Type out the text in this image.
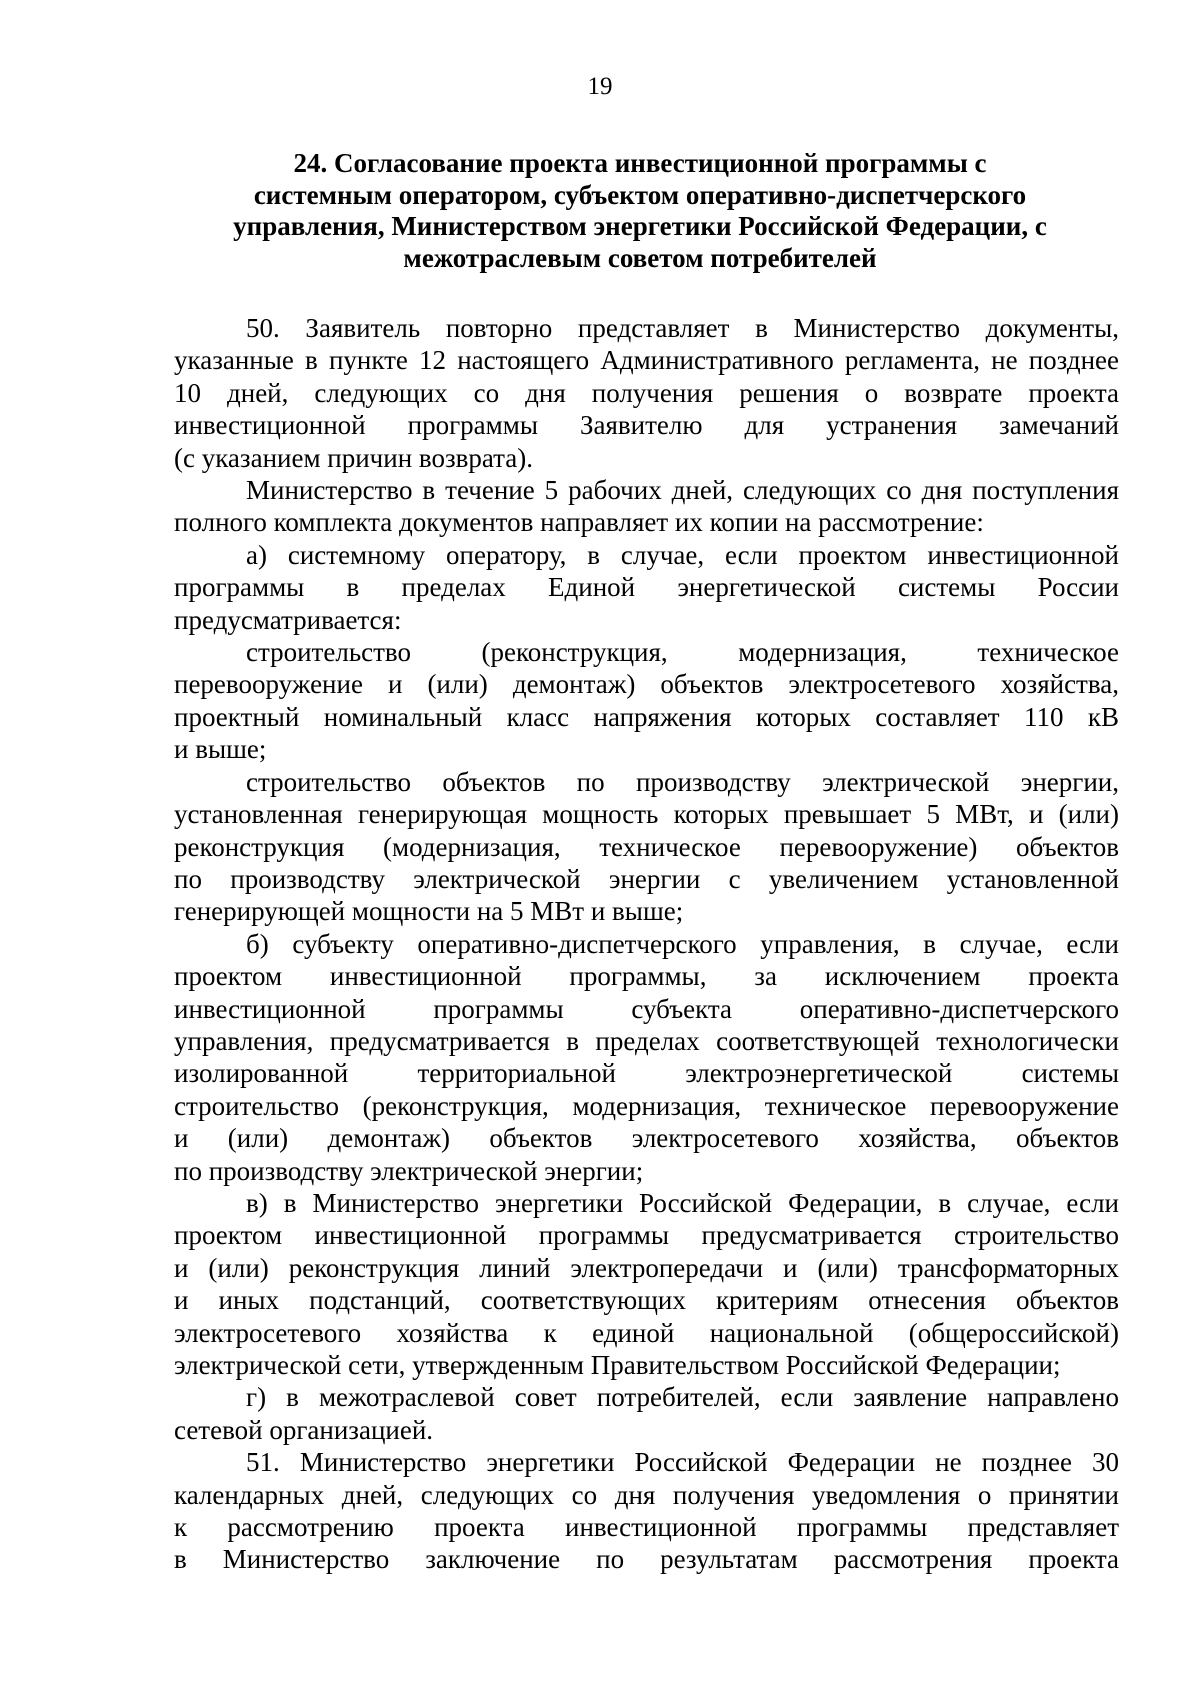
19
24. Согласование проекта инвестиционной программы с
системным оператором, субъектом оперативно-диспетчерского
управления, Министерством энергетики Российской Федерации, с
межотраслевым советом потребителей
50. Заявитель повторно представляет в Министерство документы,
указанные в пункте 12 настоящего Административного регламента, не позднее
10 дней, следующих со дня получения решения о возврате проекта
инвестиционной программы Заявителю для устранения замечаний
(с указанием причин возврата).
Министерство в течение 5 рабочих дней, следующих со дня поступления
полного комплекта документов направляет их копии на рассмотрение:
а) системному оператору, в случае, если проектом инвестиционной
программы в пределах Единой энергетической системы России
предусматривается:
строительство (реконструкция, модернизация, техническое
перевооружение и (или) демонтаж) объектов электросетевого хозяйства,
проектный номинальный класс напряжения которых составляет 110 кВ
и выше;
строительство объектов по производству электрической энергии,
установленная генерирующая мощность которых превышает 5 МВт, и (или)
реконструкция (модернизация, техническое перевооружение) объектов
по производству электрической энергии с увеличением установленной
генерирующей мощности на 5 МВт и выше;
б) субъекту оперативно-диспетчерского управления, в случае, если
проектом инвестиционной программы, за исключением проекта
инвестиционной программы субъекта оперативно-диспетчерского
управления, предусматривается в пределах соответствующей технологически
изолированной территориальной электроэнергетической системы
строительство (реконструкция, модернизация, техническое перевооружение
и (или) демонтаж) объектов электросетевого хозяйства, объектов
по производству электрической энергии;
в) в Министерство энергетики Российской Федерации, в случае, если
проектом инвестиционной программы предусматривается строительство
и (или) реконструкция линий электропередачи и (или) трансформаторных
и иных подстанций, соответствующих критериям отнесения объектов
электросетевого хозяйства к единой национальной (общероссийской)
электрической сети, утвержденным Правительством Российской Федерации;
г) в межотраслевой совет потребителей, если заявление направлено
сетевой организацией.
51. Министерство энергетики Российской Федерации не позднее 30
календарных дней, следующих со дня получения уведомления о принятии
к рассмотрению проекта инвестиционной программы представляет
в Министерство заключение по результатам рассмотрения проекта
